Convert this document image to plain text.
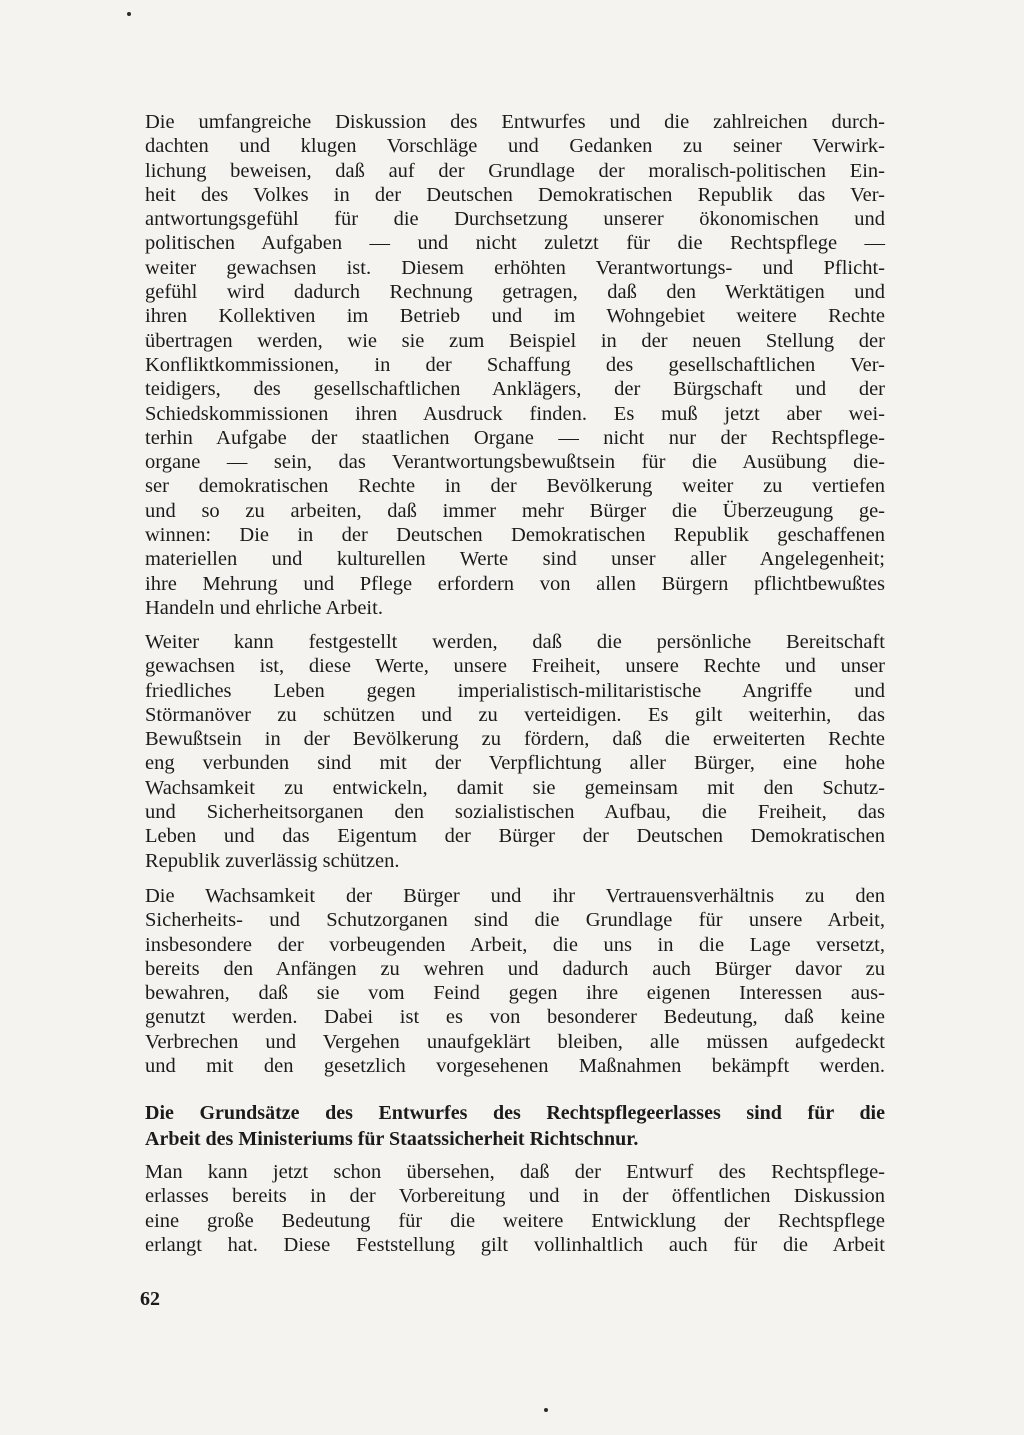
Die umfangreiche Diskussion des Entwurfes und die zahlreichen durch-
dachten und klugen Vorschläge und Gedanken zu seiner Verwirk-
lichung beweisen, daß auf der Grundlage der moralisch-politischen Ein-
heit des Volkes in der Deutschen Demokratischen Republik das Ver-
antwortungsgefühl für die Durchsetzung unserer ökonomischen und
politischen Aufgaben — und nicht zuletzt für die Rechtspflege —
weiter gewachsen ist. Diesem erhöhten Verantwortungs- und Pflicht-
gefühl wird dadurch Rechnung getragen, daß den Werktätigen und
ihren Kollektiven im Betrieb und im Wohngebiet weitere Rechte
übertragen werden, wie sie zum Beispiel in der neuen Stellung der
Konfliktkommissionen, in der Schaffung des gesellschaftlichen Ver-
teidigers, des gesellschaftlichen Anklägers, der Bürgschaft und der
Schiedskommissionen ihren Ausdruck finden. Es muß jetzt aber wei-
terhin Aufgabe der staatlichen Organe — nicht nur der Rechtspflege-
organe — sein, das Verantwortungsbewußtsein für die Ausübung die-
ser demokratischen Rechte in der Bevölkerung weiter zu vertiefen
und so zu arbeiten, daß immer mehr Bürger die Überzeugung ge-
winnen: Die in der Deutschen Demokratischen Republik geschaffenen
materiellen und kulturellen Werte sind unser aller Angelegenheit;
ihre Mehrung und Pflege erfordern von allen Bürgern pflichtbewußtes
Handeln und ehrliche Arbeit.
Weiter kann festgestellt werden, daß die persönliche Bereitschaft
gewachsen ist, diese Werte, unsere Freiheit, unsere Rechte und unser
friedliches Leben gegen imperialistisch-militaristische Angriffe und
Störmanöver zu schützen und zu verteidigen. Es gilt weiterhin, das
Bewußtsein in der Bevölkerung zu fördern, daß die erweiterten Rechte
eng verbunden sind mit der Verpflichtung aller Bürger, eine hohe
Wachsamkeit zu entwickeln, damit sie gemeinsam mit den Schutz-
und Sicherheitsorganen den sozialistischen Aufbau, die Freiheit, das
Leben und das Eigentum der Bürger der Deutschen Demokratischen
Republik zuverlässig schützen.
Die Wachsamkeit der Bürger und ihr Vertrauensverhältnis zu den
Sicherheits- und Schutzorganen sind die Grundlage für unsere Arbeit,
insbesondere der vorbeugenden Arbeit, die uns in die Lage versetzt,
bereits den Anfängen zu wehren und dadurch auch Bürger davor zu
bewahren, daß sie vom Feind gegen ihre eigenen Interessen aus-
genutzt werden. Dabei ist es von besonderer Bedeutung, daß keine
Verbrechen und Vergehen unaufgeklärt bleiben, alle müssen aufgedeckt
und mit den gesetzlich vorgesehenen Maßnahmen bekämpft werden.
Die Grundsätze des Entwurfes des Rechtspflegeerlasses sind für die
Arbeit des Ministeriums für Staatssicherheit Richtschnur.
Man kann jetzt schon übersehen, daß der Entwurf des Rechtspflege-
erlasses bereits in der Vorbereitung und in der öffentlichen Diskussion
eine große Bedeutung für die weitere Entwicklung der Rechtspflege
erlangt hat. Diese Feststellung gilt vollinhaltlich auch für die Arbeit
62
